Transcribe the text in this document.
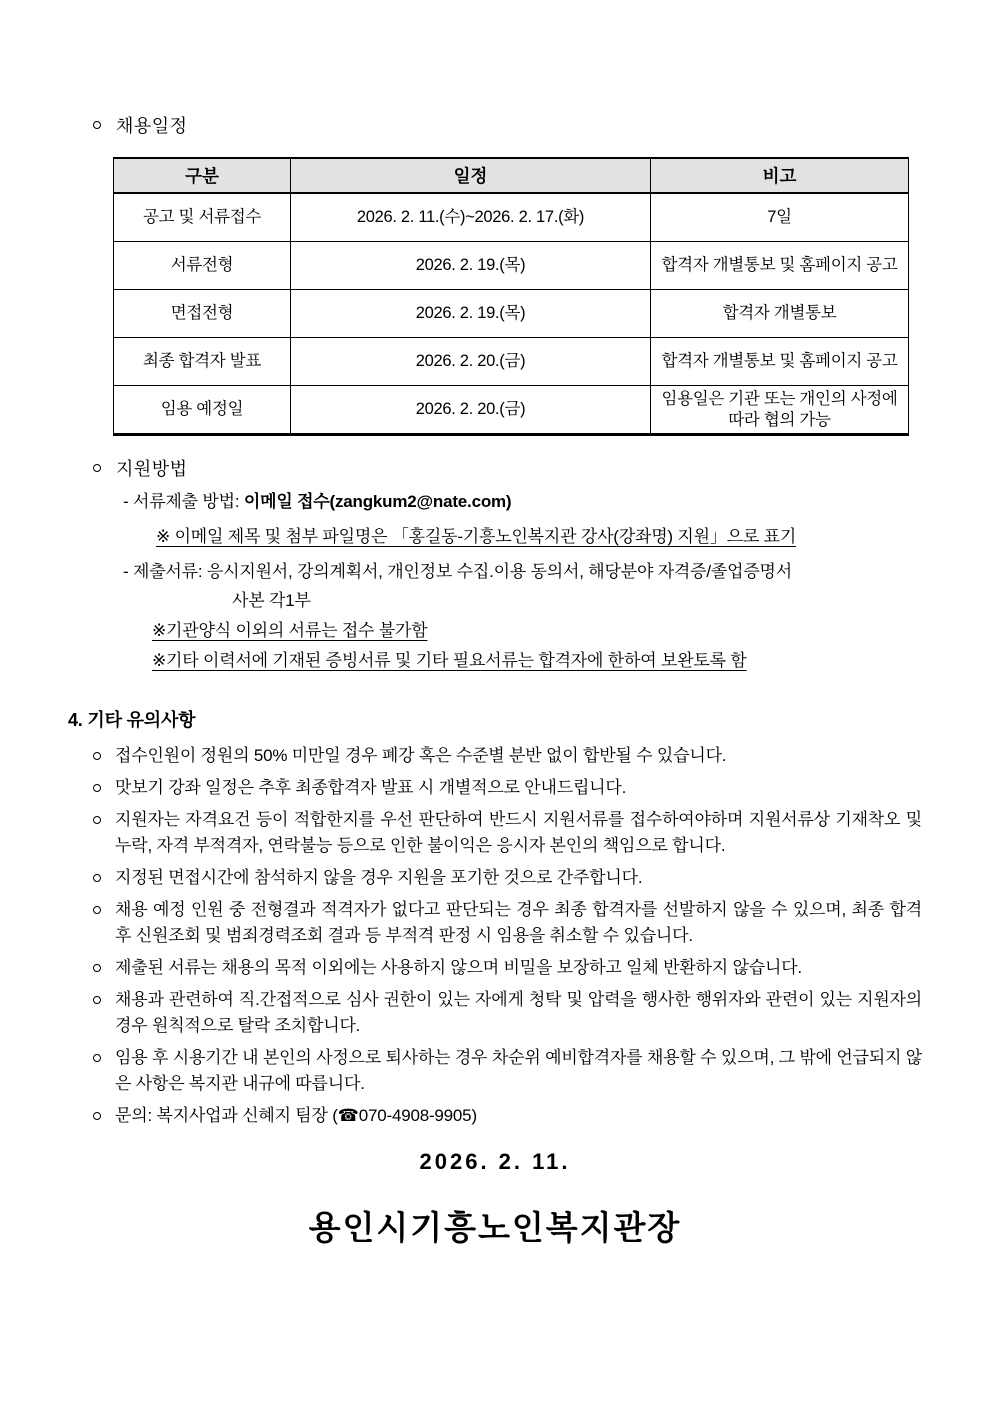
채용일정
구분	일정	비고
공고 및 서류접수	2026. 2. 11.(수)~2026. 2. 17.(화)	7일
서류전형	2026. 2. 19.(목)	합격자 개별통보 및 홈페이지 공고
면접전형	2026. 2. 19.(목)	합격자 개별통보
최종 합격자 발표	2026. 2. 20.(금)	합격자 개별통보 및 홈페이지 공고
임용 예정일	2026. 2. 20.(금)	임용일은 기관 또는 개인의 사정에 따라 협의 가능
지원방법
- 서류제출 방법: 이메일 접수(zangkum2@nate.com)
※ 이메일 제목 및 첨부 파일명은 「홍길동-기흥노인복지관 강사(강좌명) 지원」으로 표기
- 제출서류: 응시지원서, 강의계획서, 개인정보 수집.이용 동의서, 해당분야 자격증/졸업증명서
사본 각1부
※기관양식 이외의 서류는 접수 불가함
※기타 이력서에 기재된 증빙서류 및 기타 필요서류는 합격자에 한하여 보완토록 함
4. 기타 유의사항

접수인원이 정원의 50% 미만일 경우 폐강 혹은 수준별 분반 없이 합반될 수 있습니다.

맛보기 강좌 일정은 추후 최종합격자 발표 시 개별적으로 안내드립니다.

지원자는 자격요건 등이 적합한지를 우선 판단하여 반드시 지원서류를 접수하여야하며 지원서류상 기재착오 및 누락, 자격 부적격자, 연락불능 등으로 인한 불이익은 응시자 본인의 책임으로 합니다.

지정된 면접시간에 참석하지 않을 경우 지원을 포기한 것으로 간주합니다.

채용 예정 인원 중 전형결과 적격자가 없다고 판단되는 경우 최종 합격자를 선발하지 않을 수 있으며, 최종 합격 후 신원조회 및 범죄경력조회 결과 등 부적격 판정 시 임용을 취소할 수 있습니다.

제출된 서류는 채용의 목적 이외에는 사용하지 않으며 비밀을 보장하고 일체 반환하지 않습니다.

채용과 관련하여 직.간접적으로 심사 권한이 있는 자에게 청탁 및 압력을 행사한 행위자와 관련이 있는 지원자의 경우 원칙적으로 탈락 조치합니다.

임용 후 시용기간 내 본인의 사정으로 퇴사하는 경우 차순위 예비합격자를 채용할 수 있으며, 그 밖에 언급되지 않은 사항은 복지관 내규에 따릅니다.

문의: 복지사업과 신혜지 팀장 (☎070-4908-9905)

2026. 2. 11.
용인시기흥노인복지관장
